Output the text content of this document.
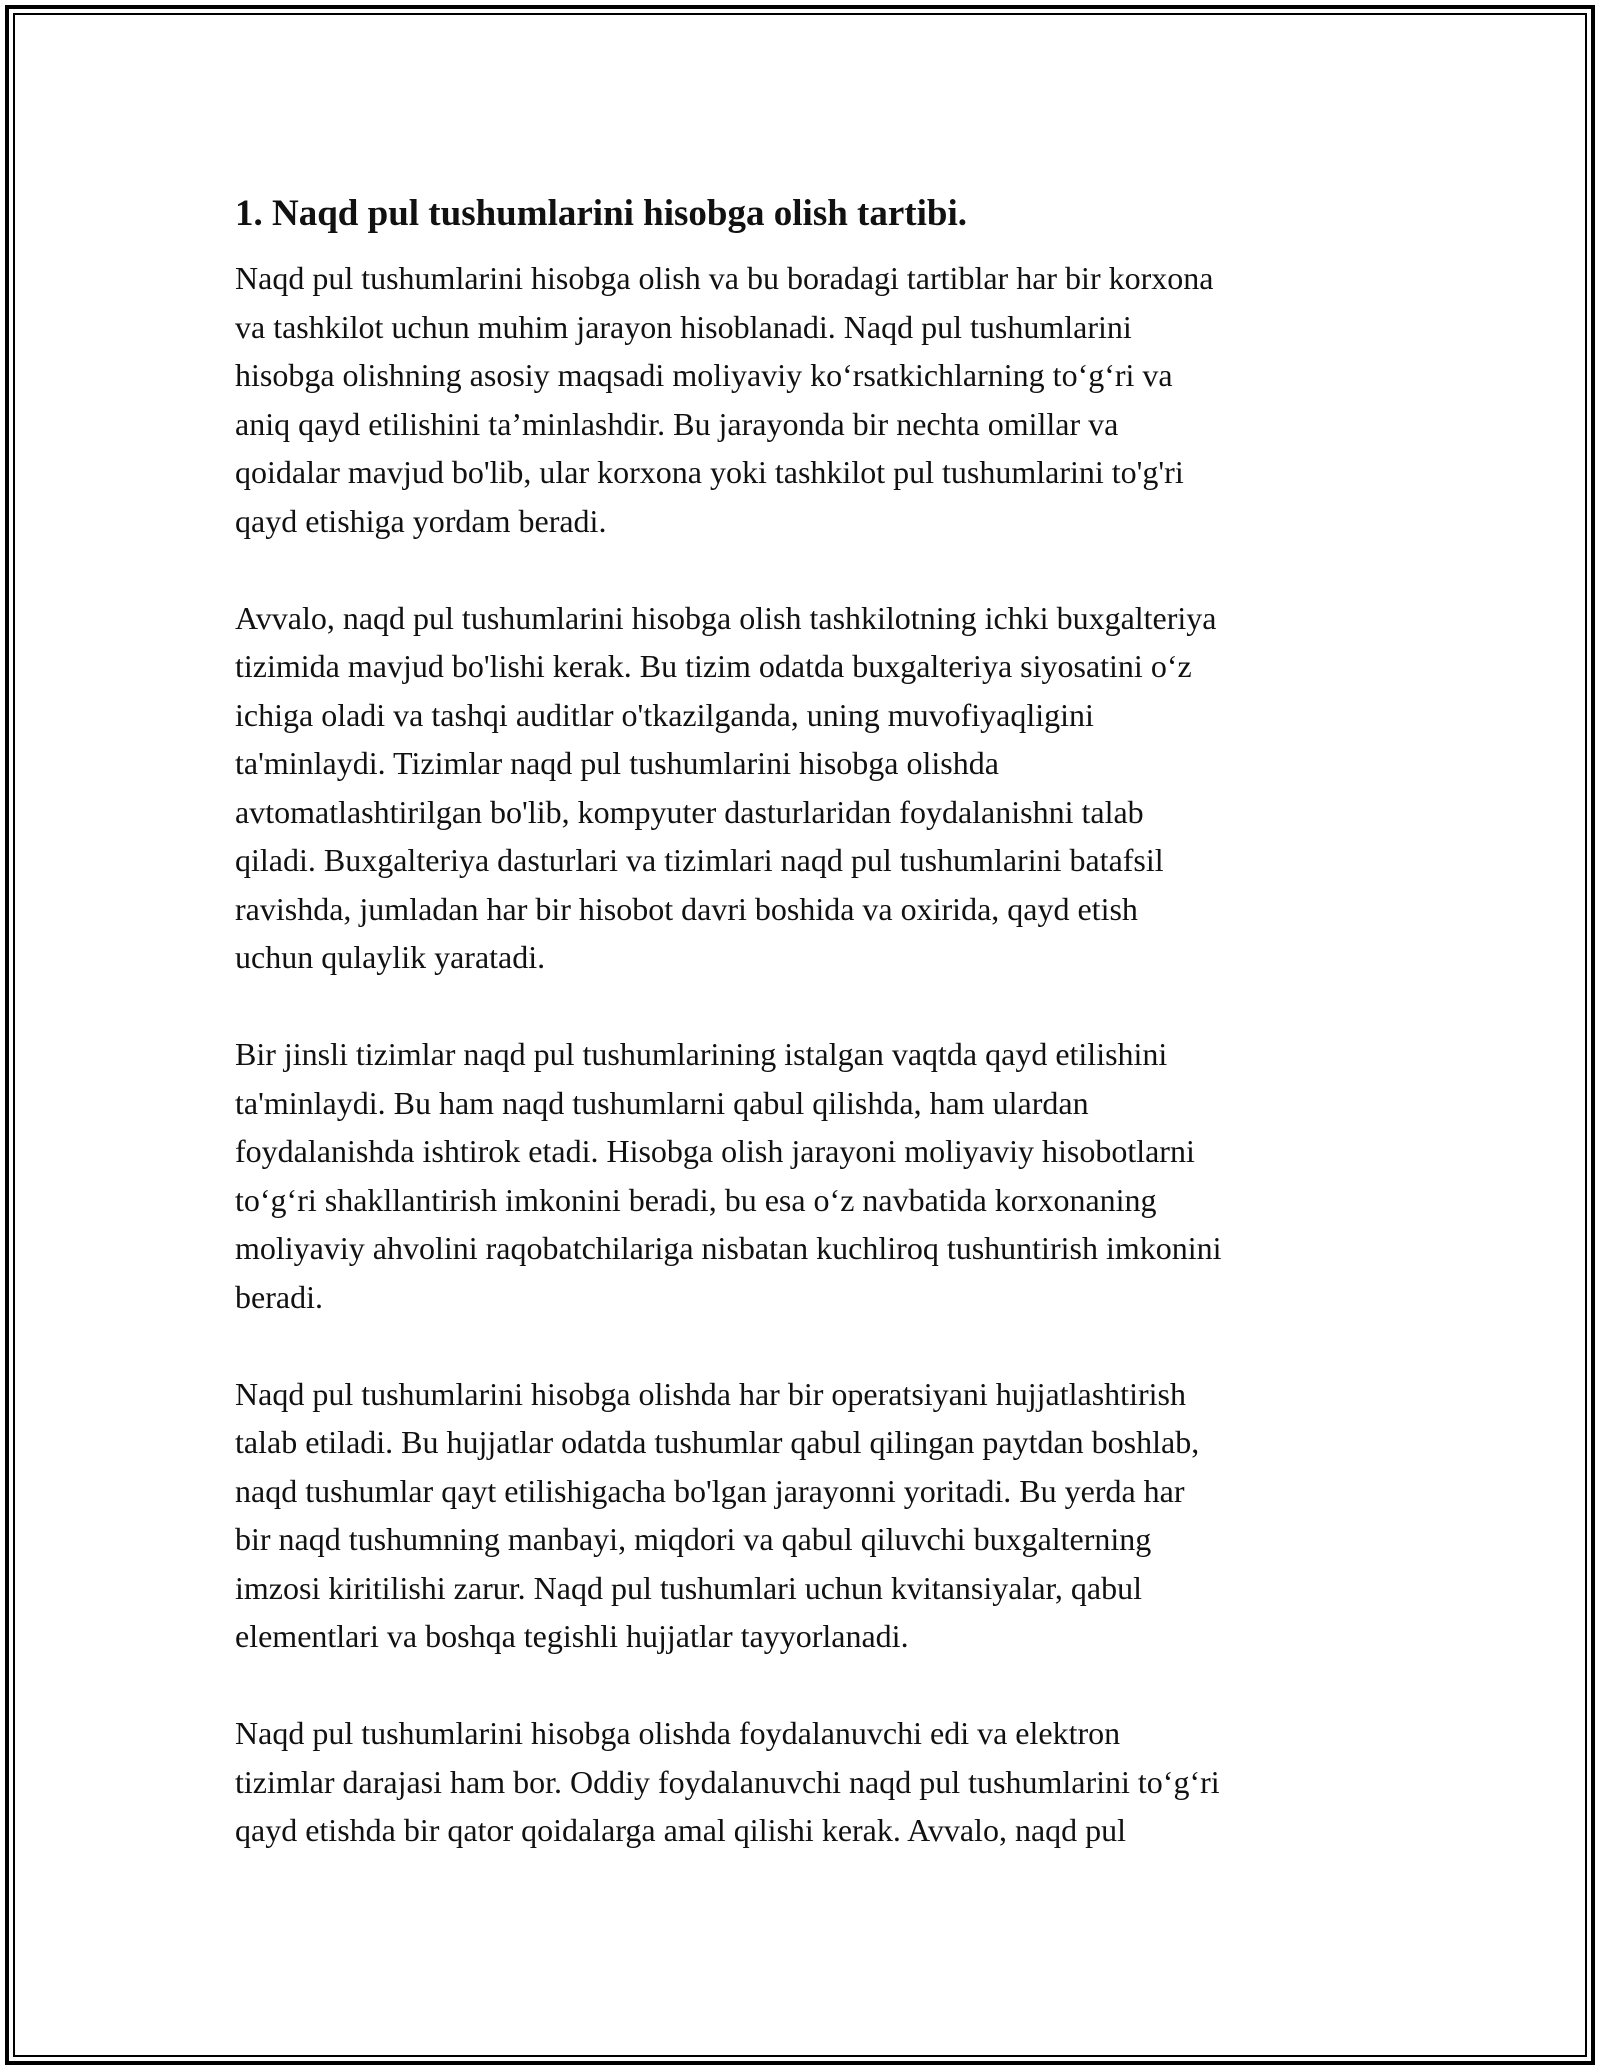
1. Naqd pul tushumlarini hisobga olish tartibi.
Naqd pul tushumlarini hisobga olish va bu boradagi tartiblar har bir korxona
va tashkilot uchun muhim jarayon hisoblanadi. Naqd pul tushumlarini
hisobga olishning asosiy maqsadi moliyaviy ko‘rsatkichlarning to‘g‘ri va
aniq qayd etilishini ta’minlashdir. Bu jarayonda bir nechta omillar va
qoidalar mavjud bo'lib, ular korxona yoki tashkilot pul tushumlarini to'g'ri
qayd etishiga yordam beradi.
Avvalo, naqd pul tushumlarini hisobga olish tashkilotning ichki buxgalteriya
tizimida mavjud bo'lishi kerak. Bu tizim odatda buxgalteriya siyosatini o‘z
ichiga oladi va tashqi auditlar o'tkazilganda, uning muvofiyaqligini
ta'minlaydi. Tizimlar naqd pul tushumlarini hisobga olishda
avtomatlashtirilgan bo'lib, kompyuter dasturlaridan foydalanishni talab
qiladi. Buxgalteriya dasturlari va tizimlari naqd pul tushumlarini batafsil
ravishda, jumladan har bir hisobot davri boshida va oxirida, qayd etish
uchun qulaylik yaratadi.
Bir jinsli tizimlar naqd pul tushumlarining istalgan vaqtda qayd etilishini
ta'minlaydi. Bu ham naqd tushumlarni qabul qilishda, ham ulardan
foydalanishda ishtirok etadi. Hisobga olish jarayoni moliyaviy hisobotlarni
to‘g‘ri shakllantirish imkonini beradi, bu esa o‘z navbatida korxonaning
moliyaviy ahvolini raqobatchilariga nisbatan kuchliroq tushuntirish imkonini
beradi.
Naqd pul tushumlarini hisobga olishda har bir operatsiyani hujjatlashtirish
talab etiladi. Bu hujjatlar odatda tushumlar qabul qilingan paytdan boshlab,
naqd tushumlar qayt etilishigacha bo'lgan jarayonni yoritadi. Bu yerda har
bir naqd tushumning manbayi, miqdori va qabul qiluvchi buxgalterning
imzosi kiritilishi zarur. Naqd pul tushumlari uchun kvitansiyalar, qabul
elementlari va boshqa tegishli hujjatlar tayyorlanadi.
Naqd pul tushumlarini hisobga olishda foydalanuvchi edi va elektron
tizimlar darajasi ham bor. Oddiy foydalanuvchi naqd pul tushumlarini to‘g‘ri
qayd etishda bir qator qoidalarga amal qilishi kerak. Avvalo, naqd pul
